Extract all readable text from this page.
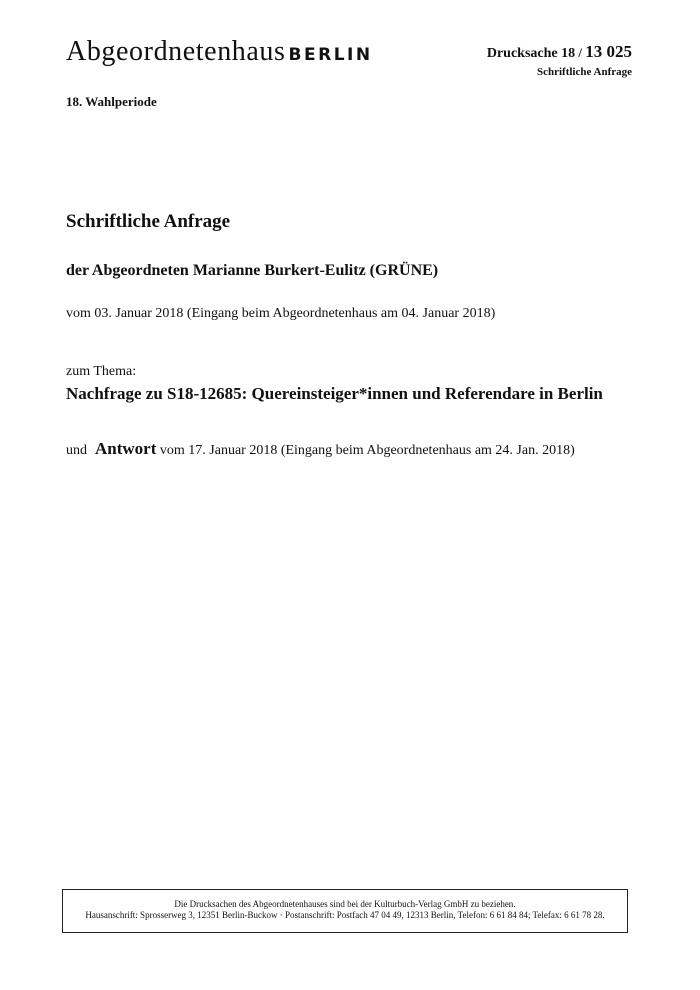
Abgeordnetenhaus BERLIN	Drucksache 18 / 13 025
Schriftliche Anfrage
18. Wahlperiode
Schriftliche Anfrage
der Abgeordneten Marianne Burkert-Eulitz (GRÜNE)
vom 03. Januar 2018 (Eingang beim Abgeordnetenhaus am 04. Januar 2018)
zum Thema:
Nachfrage zu S18-12685: Quereinsteiger*innen und Referendare in Berlin
und Antwort vom 17. Januar 2018 (Eingang beim Abgeordnetenhaus am 24. Jan. 2018)
Die Drucksachen des Abgeordnetenhauses sind bei der Kulturbuch-Verlag GmbH zu beziehen.
Hausanschrift: Sprosserweg 3, 12351 Berlin-Buckow · Postanschrift: Postfach 47 04 49, 12313 Berlin, Telefon: 6 61 84 84; Telefax: 6 61 78 28.
